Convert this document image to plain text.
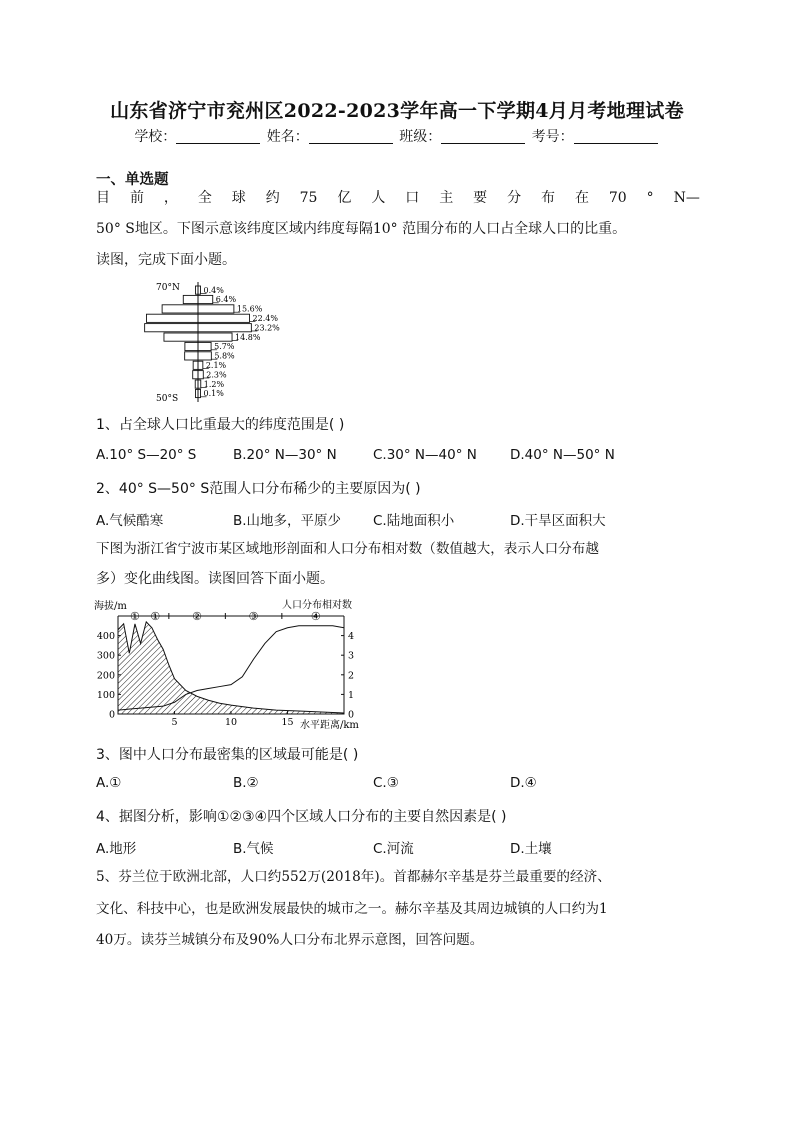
山东省济宁市兖州区2022-2023学年高一下学期4月月考地理试卷
学校：	姓名：	班级：	考号：
一、单选题
目 前 ， 全 球 约 75 亿 人 口 主 要 分 布 在 70 ° N—
50° S地区。下图示意该纬度区域内纬度每隔10° 范围分布的人口占全球人口的比重。
读图，完成下面小题。
70°N
50°S
0.4%
6.4%
15.6%
22.4%
23.2%
14.8%
5.7%
5.8%
2.1%
2.3%
1.2%
0.1%
1、占全球人口比重最大的纬度范围是( )
A.10° S—20° S	B.20° N—30° N	C.30° N—40° N D.40° N—50° N
2、40° S—50° S范围人口分布稀少的主要原因为( )
A.气候酷寒	B.山地多，平原少 C.陆地面积小	D.干旱区面积大
下图为浙江省宁波市某区域地形剖面和人口分布相对数（数值越大，表示人口分布越
多）变化曲线图。读图回答下面小题。
海拔/m	人口分布相对数
400
300
200
100
0
4
3
2
1
0
5	10	15
①	②	③	④
①
水平距离/km
3、图中人口分布最密集的区域最可能是( )
A.①	B.②	C.③	D.④
4、据图分析，影响①②③④四个区域人口分布的主要自然因素是( )
A.地形	B.气候	C.河流	D.土壤
5、芬兰位于欧洲北部，人口约552万(2018年)。首都赫尔辛基是芬兰最重要的经济、
文化、科技中心，也是欧洲发展最快的城市之一。赫尔辛基及其周边城镇的人口约为1
40万。读芬兰城镇分布及90%人口分布北界示意图，回答问题。
